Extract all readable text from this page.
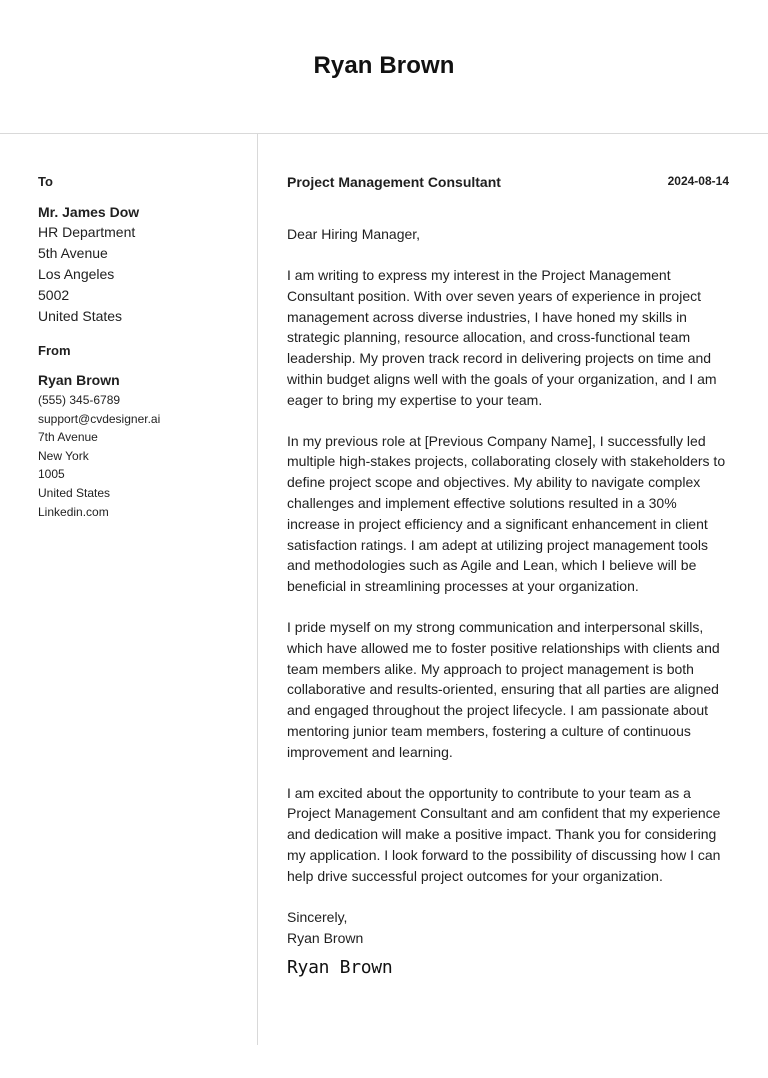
Ryan Brown

To

Mr. James Dow

HR Department

5th Avenue

Los Angeles

5002

United States

From

Ryan Brown

(555) 345-6789

support@cvdesigner.ai

7th Avenue

New York

1005

United States

Linkedin.com

Project Management Consultant	2024-08-14

Dear Hiring Manager,

I am writing to express my interest in the Project Management Consultant position. With over seven years of experience in project management across diverse industries, I have honed my skills in strategic planning, resource allocation, and cross-functional team leadership. My proven track record in delivering projects on time and within budget aligns well with the goals of your organization, and I am eager to bring my expertise to your team.

In my previous role at [Previous Company Name], I successfully led multiple high-stakes projects, collaborating closely with stakeholders to define project scope and objectives. My ability to navigate complex challenges and implement effective solutions resulted in a 30% increase in project efficiency and a significant enhancement in client satisfaction ratings. I am adept at utilizing project management tools and methodologies such as Agile and Lean, which I believe will be beneficial in streamlining processes at your organization.

I pride myself on my strong communication and interpersonal skills, which have allowed me to foster positive relationships with clients and team members alike. My approach to project management is both collaborative and results-oriented, ensuring that all parties are aligned and engaged throughout the project lifecycle. I am passionate about mentoring junior team members, fostering a culture of continuous improvement and learning.

I am excited about the opportunity to contribute to your team as a Project Management Consultant and am confident that my experience and dedication will make a positive impact. Thank you for considering my application. I look forward to the possibility of discussing how I can help drive successful project outcomes for your organization.

Sincerely,
Ryan Brown

Ryan Brown
